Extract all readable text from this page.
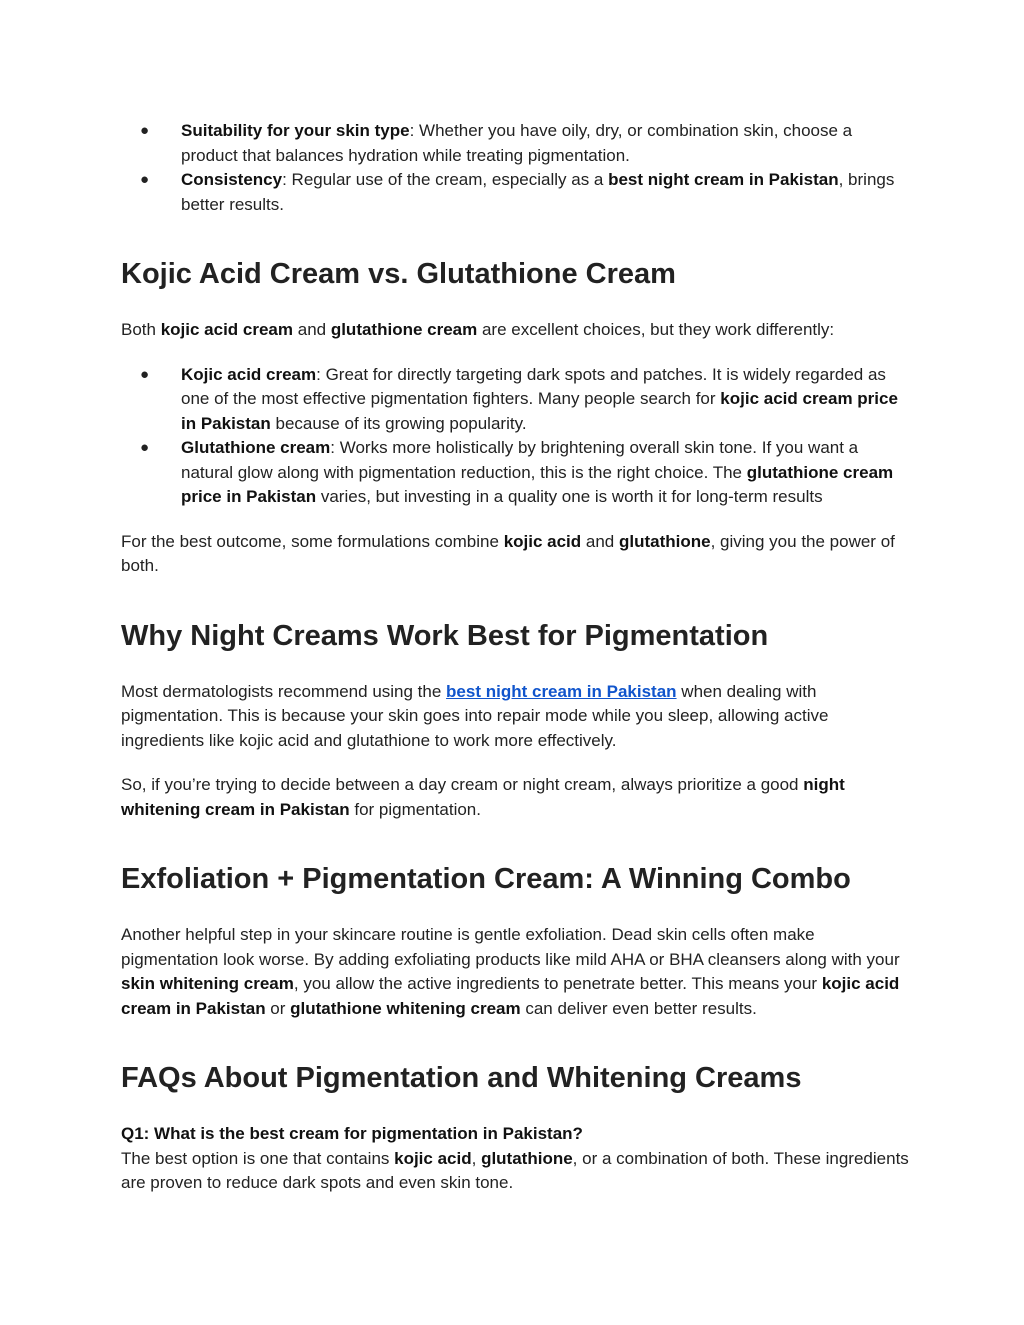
● Suitability for your skin type: Whether you have oily, dry, or combination skin, choose a product that balances hydration while treating pigmentation.
● Consistency: Regular use of the cream, especially as a best night cream in Pakistan, brings better results.
Kojic Acid Cream vs. Glutathione Cream

Both kojic acid cream and glutathione cream are excellent choices, but they work differently:

● Kojic acid cream: Great for directly targeting dark spots and patches. It is widely regarded as one of the most effective pigmentation fighters. Many people search for kojic acid cream price in Pakistan because of its growing popularity.
● Glutathione cream: Works more holistically by brightening overall skin tone. If you want a natural glow along with pigmentation reduction, this is the right choice. The glutathione cream price in Pakistan varies, but investing in a quality one is worth it for long-term results

For the best outcome, some formulations combine kojic acid and glutathione, giving you the power of both.

Why Night Creams Work Best for Pigmentation

Most dermatologists recommend using the best night cream in Pakistan when dealing with pigmentation. This is because your skin goes into repair mode while you sleep, allowing active ingredients like kojic acid and glutathione to work more effectively.

So, if you’re trying to decide between a day cream or night cream, always prioritize a good night whitening cream in Pakistan for pigmentation.

Exfoliation + Pigmentation Cream: A Winning Combo

Another helpful step in your skincare routine is gentle exfoliation. Dead skin cells often make pigmentation look worse. By adding exfoliating products like mild AHA or BHA cleansers along with your skin whitening cream, you allow the active ingredients to penetrate better. This means your kojic acid cream in Pakistan or glutathione whitening cream can deliver even better results.

FAQs About Pigmentation and Whitening Creams

Q1: What is the best cream for pigmentation in Pakistan?

The best option is one that contains kojic acid, glutathione, or a combination of both. These ingredients are proven to reduce dark spots and even skin tone.
